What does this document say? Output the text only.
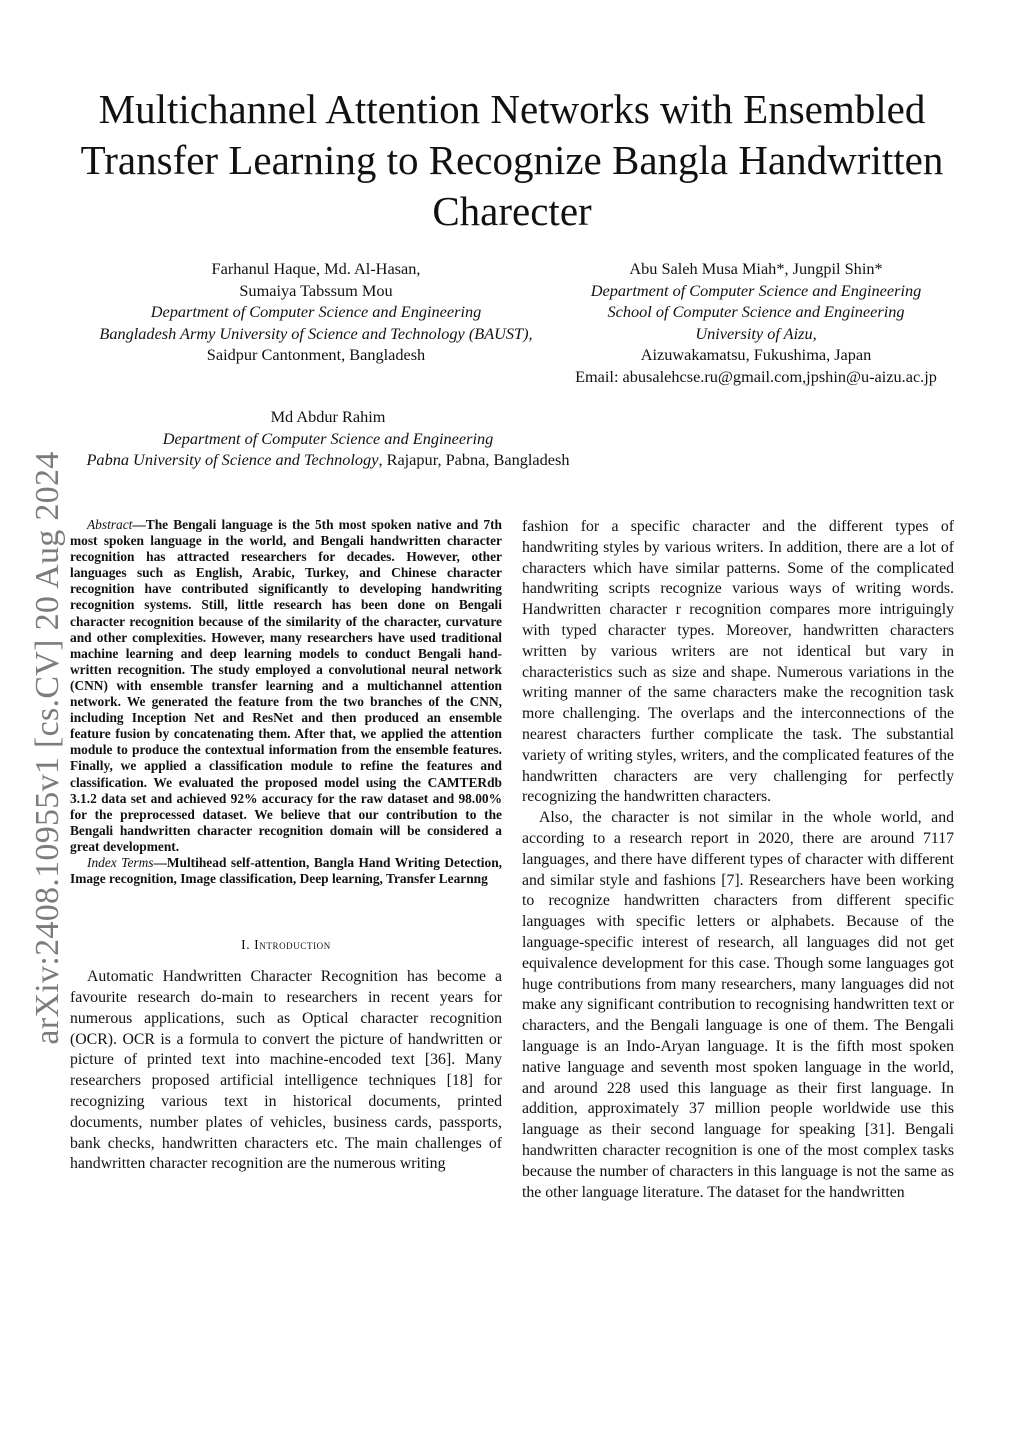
Multichannel Attention Networks with Ensembled Transfer Learning to Recognize Bangla Handwritten Charecter
Farhanul Haque, Md. Al-Hasan,
Sumaiya Tabssum Mou
Department of Computer Science and Engineering
Bangladesh Army University of Science and Technology (BAUST),
Saidpur Cantonment, Bangladesh
Abu Saleh Musa Miah*, Jungpil Shin*
Department of Computer Science and Engineering
School of Computer Science and Engineering
University of Aizu,
Aizuwakamatsu, Fukushima, Japan
Email: abusalehcse.ru@gmail.com,jpshin@u-aizu.ac.jp
Md Abdur Rahim
Department of Computer Science and Engineering
Pabna University of Science and Technology, Rajapur, Pabna, Bangladesh
arXiv:2408.10955v1 [cs.CV] 20 Aug 2024	Abstract—The Bengali language is the 5th most spoken native and 7th most spoken language in the world, and Bengali handwritten character recognition has attracted researchers for decades. However, other languages such as English, Arabic, Turkey, and Chinese character recognition have contributed significantly to developing handwriting recognition systems. Still, little research has been done on Bengali character recognition because of the similarity of the character, curvature and other complexities. However, many researchers have used traditional machine learning and deep learning models to conduct Bengali hand-written recognition. The study employed a convolutional neural network (CNN) with ensemble transfer learning and a multichannel attention network. We generated the feature from the two branches of the CNN, including Inception Net and ResNet and then produced an ensemble feature fusion by concatenating them. After that, we applied the attention module to produce the contextual information from the ensemble features. Finally, we applied a classification module to refine the features and classification. We evaluated the proposed model using the CAMTERdb 3.1.2 data set and achieved 92% accuracy for the raw dataset and 98.00% for the preprocessed dataset. We believe that our contribution to the Bengali handwritten character recognition domain will be considered a great development.

Index Terms—Multihead self-attention, Bangla Hand Writing Detection, Image recognition, Image classification, Deep learning, Transfer Learnng

I. Introduction

Automatic Handwritten Character Recognition has become a favourite research do-main to researchers in recent years for numerous applications, such as Optical character recognition (OCR). OCR is a formula to convert the picture of handwritten or picture of printed text into machine-encoded text [36]. Many researchers proposed artificial intelligence techniques [18] for recognizing various text in historical documents, printed documents, number plates of vehicles, business cards, passports, bank checks, handwritten characters etc. The main challenges of handwritten character recognition are the numerous writing

fashion for a specific character and the different types of handwriting styles by various writers. In addition, there are a lot of characters which have similar patterns. Some of the complicated handwriting scripts recognize various ways of writing words. Handwritten character r recognition compares more intriguingly with typed character types. Moreover, handwritten characters written by various writers are not identical but vary in characteristics such as size and shape. Numerous variations in the writing manner of the same characters make the recognition task more challenging. The overlaps and the interconnections of the nearest characters further complicate the task. The substantial variety of writing styles, writers, and the complicated features of the handwritten characters are very challenging for perfectly recognizing the handwritten characters.

Also, the character is not similar in the whole world, and according to a research report in 2020, there are around 7117 languages, and there have different types of character with different and similar style and fashions [7]. Researchers have been working to recognize handwritten characters from different specific languages with specific letters or alphabets. Because of the language-specific interest of research, all languages did not get equivalence development for this case. Though some languages got huge contributions from many researchers, many languages did not make any significant contribution to recognising handwritten text or characters, and the Bengali language is one of them. The Bengali language is an Indo-Aryan language. It is the fifth most spoken native language and seventh most spoken language in the world, and around 228 used this language as their first language. In addition, approximately 37 million people worldwide use this language as their second language for speaking [31]. Bengali handwritten character recognition is one of the most complex tasks because the number of characters in this language is not the same as the other language literature. The dataset for the handwritten
